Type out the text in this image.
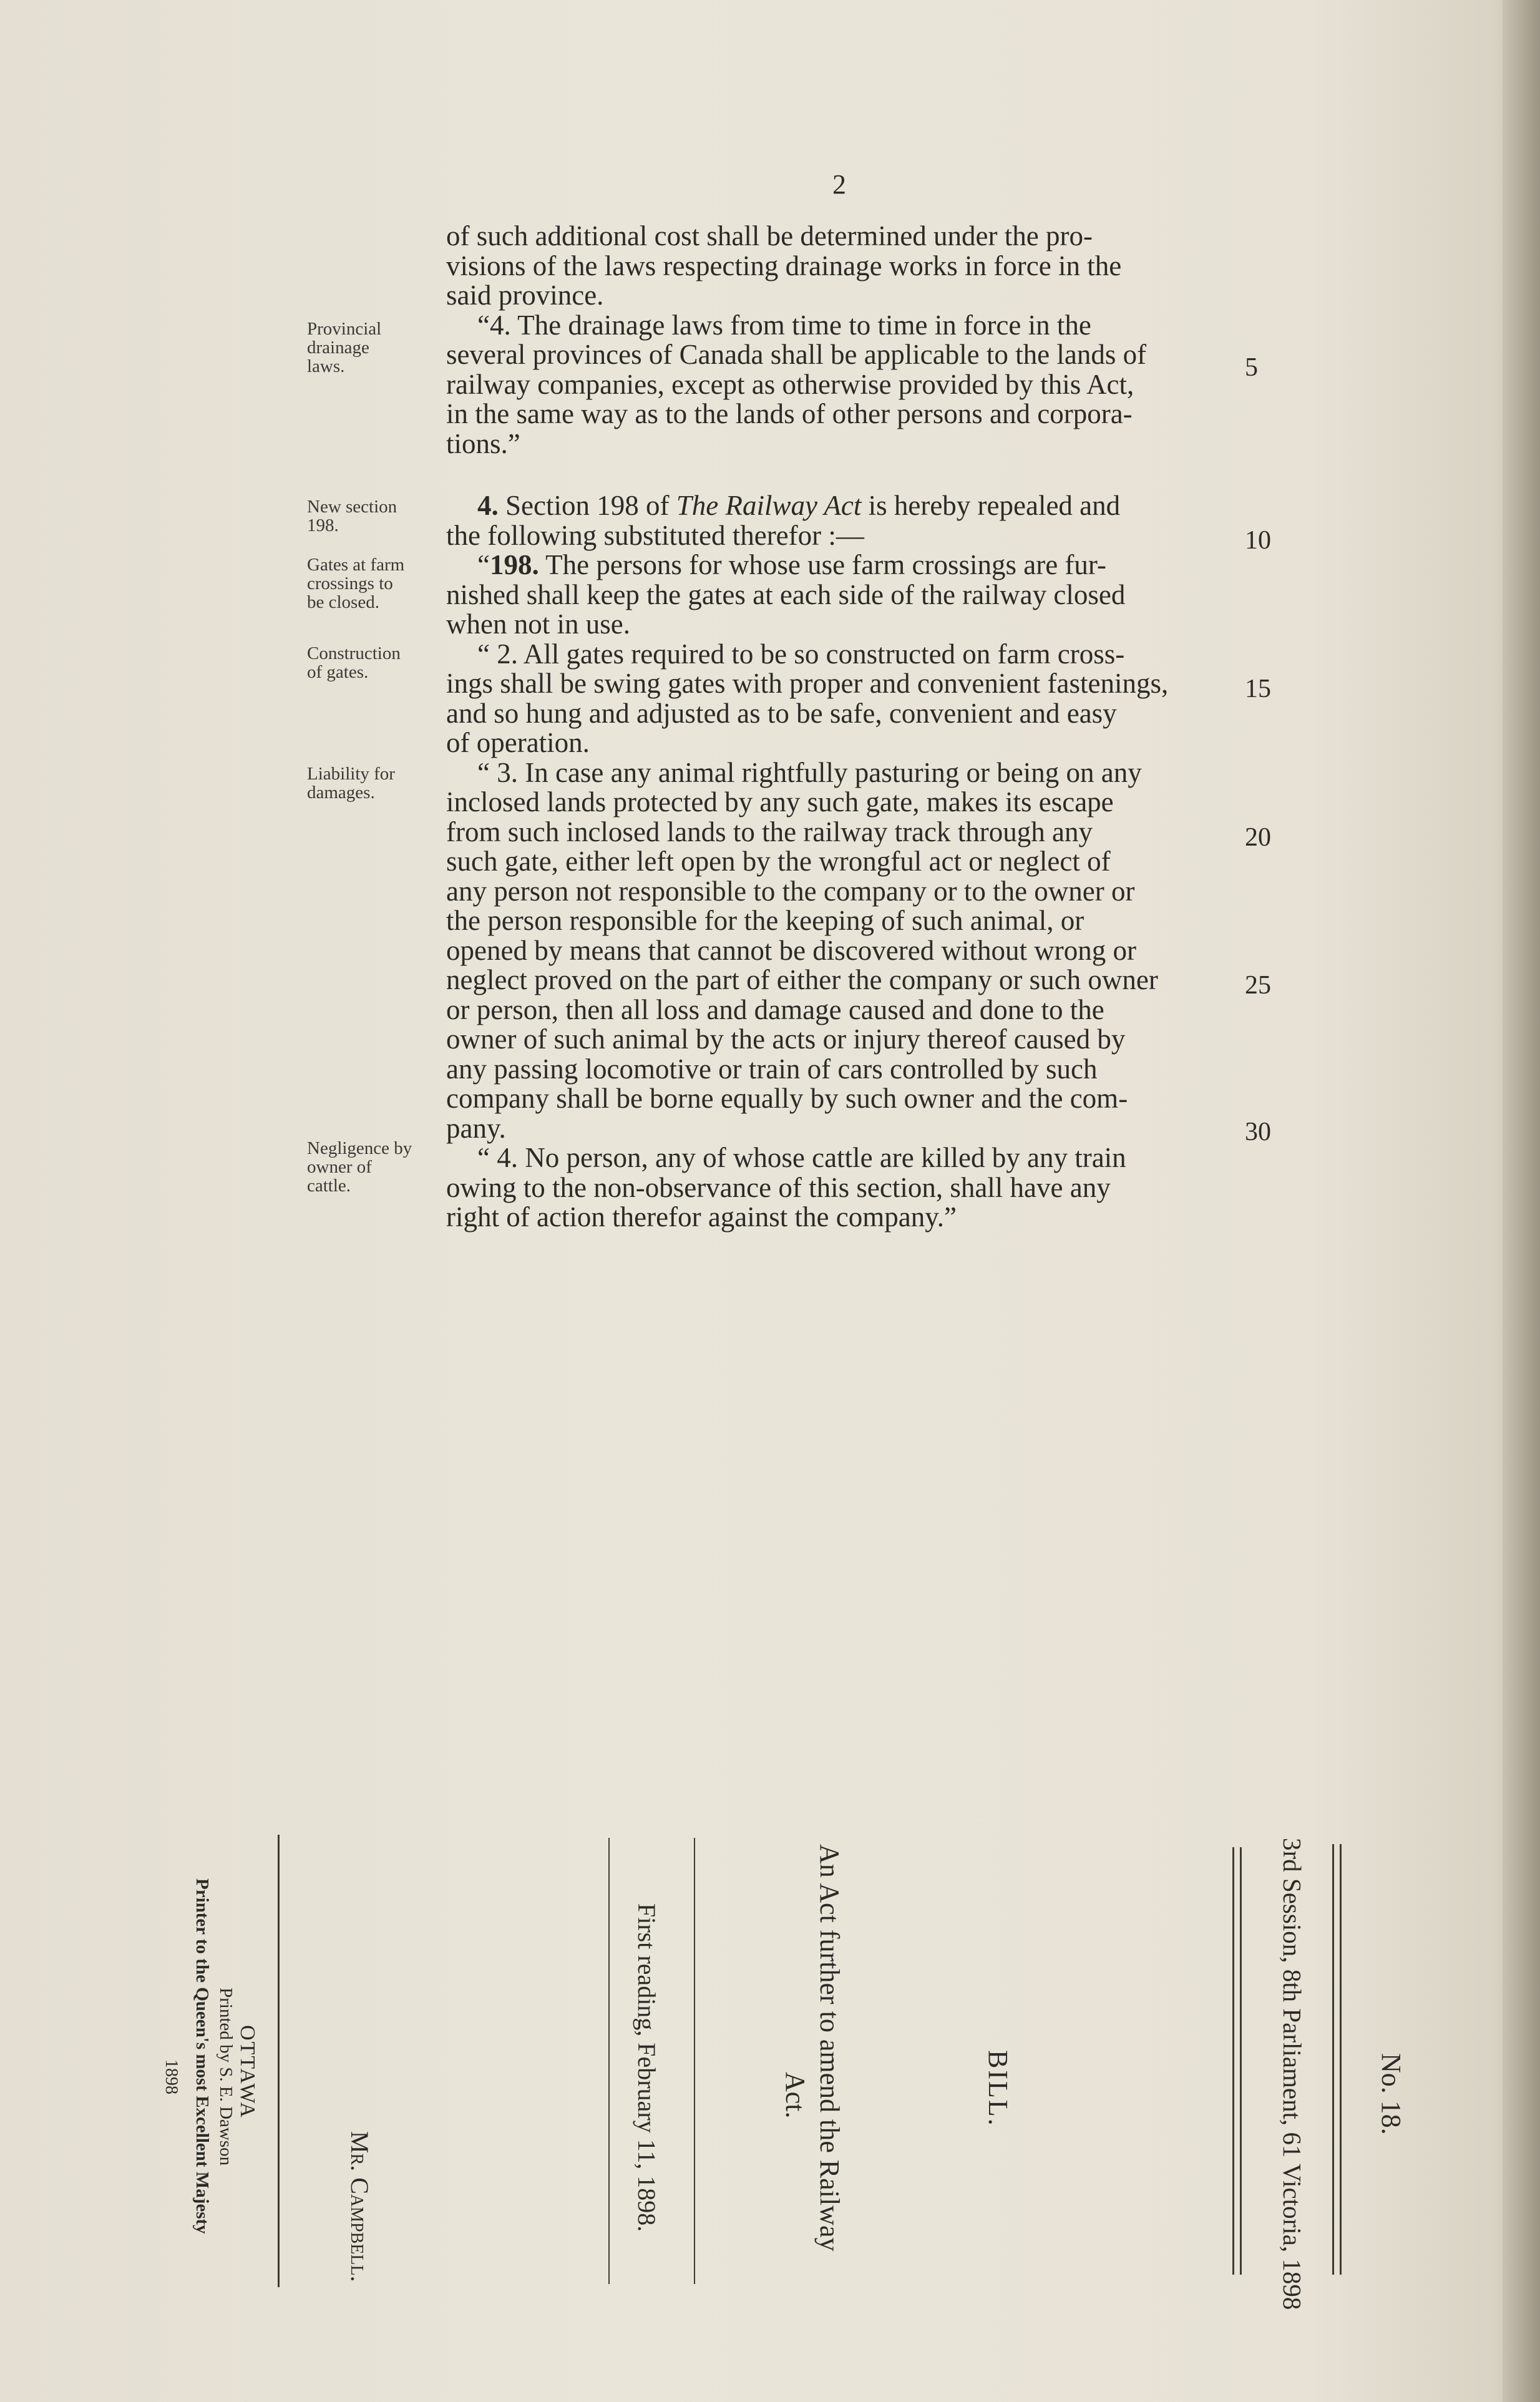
2

of such additional cost shall be determined under the pro-
visions of the laws respecting drainage works in force in the
said province.

“4. The drainage laws from time to time in force in the
several provinces of Canada shall be applicable to the lands of
railway companies, except as otherwise provided by this Act,
in the same way as to the lands of other persons and corpora-
tions.”

4. Section 198 of The Railway Act is hereby repealed and
the following substituted therefor :—

“198. The persons for whose use farm crossings are fur-
nished shall keep the gates at each side of the railway closed
when not in use.

“ 2. All gates required to be so constructed on farm cross-
ings shall be swing gates with proper and convenient fastenings,
and so hung and adjusted as to be safe, convenient and easy
of operation.

“ 3. In case any animal rightfully pasturing or being on any
inclosed lands protected by any such gate, makes its escape
from such inclosed lands to the railway track through any
such gate, either left open by the wrongful act or neglect of
any person not responsible to the company or to the owner or
the person responsible for the keeping of such animal, or
opened by means that cannot be discovered without wrong or
neglect proved on the part of either the company or such owner
or person, then all loss and damage caused and done to the
owner of such animal by the acts or injury thereof caused by
any passing locomotive or train of cars controlled by such
company shall be borne equally by such owner and the com-
pany.

“ 4. No person, any of whose cattle are killed by any train
owing to the non-observance of this section, shall have any
right of action therefor against the company.”

Provincial
drainage
laws.
New section
198.
Gates at farm
crossings to
be closed.
Construction
of gates.
Liability for
damages.
Negligence by
owner of
cattle.
5
10
15
20
25
30
No. 18.
3rd Session, 8th Parliament, 61 Victoria, 1898
BILL.
An Act further to amend the Railway
Act.
First reading, February 11, 1898.
Mr. Campbell.
OTTAWA
Printed by S. E. Dawson
Printer to the Queen's most Excellent Majesty
1898
